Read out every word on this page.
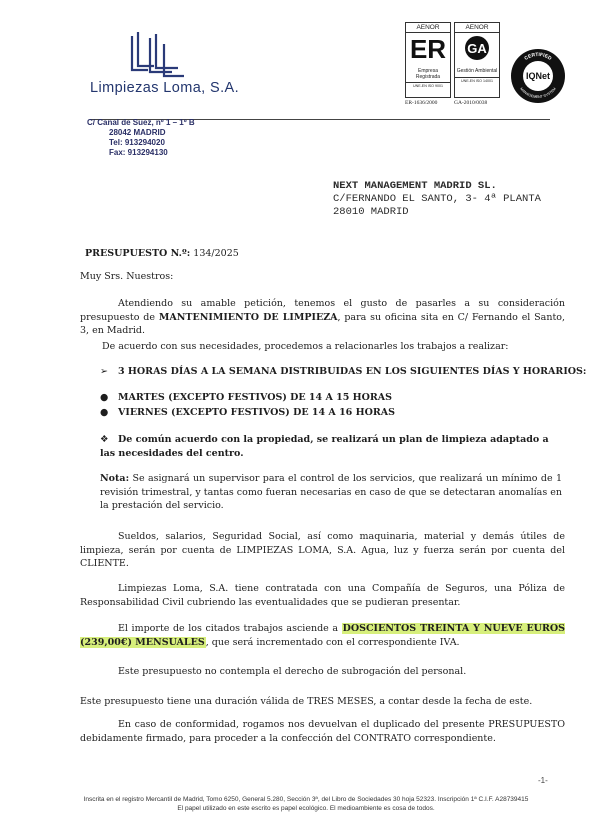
Limpiezas Loma, S.A.
C/ Canal de Suez, nº 1 – 1º B
28042 MADRID
Tel: 913294020
Fax: 913294130
AENOR
ER
Empresa Registrada
UNE-EN ISO 9001
AENOR
GA
Gestión Ambiental
UNE-EN ISO 14001
ER-1636/2000	GA-2010/0038
CERTIFIED
MANAGEMENT SYSTEM
IQNet
NEXT MANAGEMENT MADRID SL.
C/FERNANDO EL SANTO, 3- 4ª PLANTA
28010 MADRID
PRESUPUESTO N.º: 134/2025
Muy Srs. Nuestros:
Atendiendo su amable petición, tenemos el gusto de pasarles a su consideración presupuesto de MANTENIMIENTO DE LIMPIEZA, para su oficina sita en C/ Fernando el Santo, 3, en Madrid.
De acuerdo con sus necesidades, procedemos a relacionarles los trabajos a realizar:
➢ 3 HORAS DÍAS A LA SEMANA DISTRIBUIDAS EN LOS SIGUIENTES DÍAS Y HORARIOS:
● MARTES (EXCEPTO FESTIVOS) DE 14 A 15 HORAS
● VIERNES (EXCEPTO FESTIVOS) DE 14 A 16 HORAS
❖ De común acuerdo con la propiedad, se realizará un plan de limpieza adaptado a las necesidades del centro.
Nota: Se asignará un supervisor para el control de los servicios, que realizará un mínimo de 1 revisión trimestral, y tantas como fueran necesarias en caso de que se detectaran anomalías en la prestación del servicio.
Sueldos, salarios, Seguridad Social, así como maquinaria, material y demás útiles de limpieza, serán por cuenta de LIMPIEZAS LOMA, S.A. Agua, luz y fuerza serán por cuenta del CLIENTE.
Limpiezas Loma, S.A. tiene contratada con una Compañía de Seguros, una Póliza de Responsabilidad Civil cubriendo las eventualidades que se pudieran presentar.
El importe de los citados trabajos asciende a DOSCIENTOS TREINTA Y NUEVE EUROS (239,00€) MENSUALES, que será incrementado con el correspondiente IVA.
Este presupuesto no contempla el derecho de subrogación del personal.
Este presupuesto tiene una duración válida de TRES MESES, a contar desde la fecha de este.
En caso de conformidad, rogamos nos devuelvan el duplicado del presente PRESUPUESTO debidamente firmado, para proceder a la confección del CONTRATO correspondiente.
-1-
Inscrita en el registro Mercantil de Madrid, Tomo 6250, General 5.280, Sección 3ª, del Libro de Sociedades 30 hoja 52323. Inscripción 1ª C.I.F. A28739415
El papel utilizado en este escrito es papel ecológico. El medioambiente es cosa de todos.
